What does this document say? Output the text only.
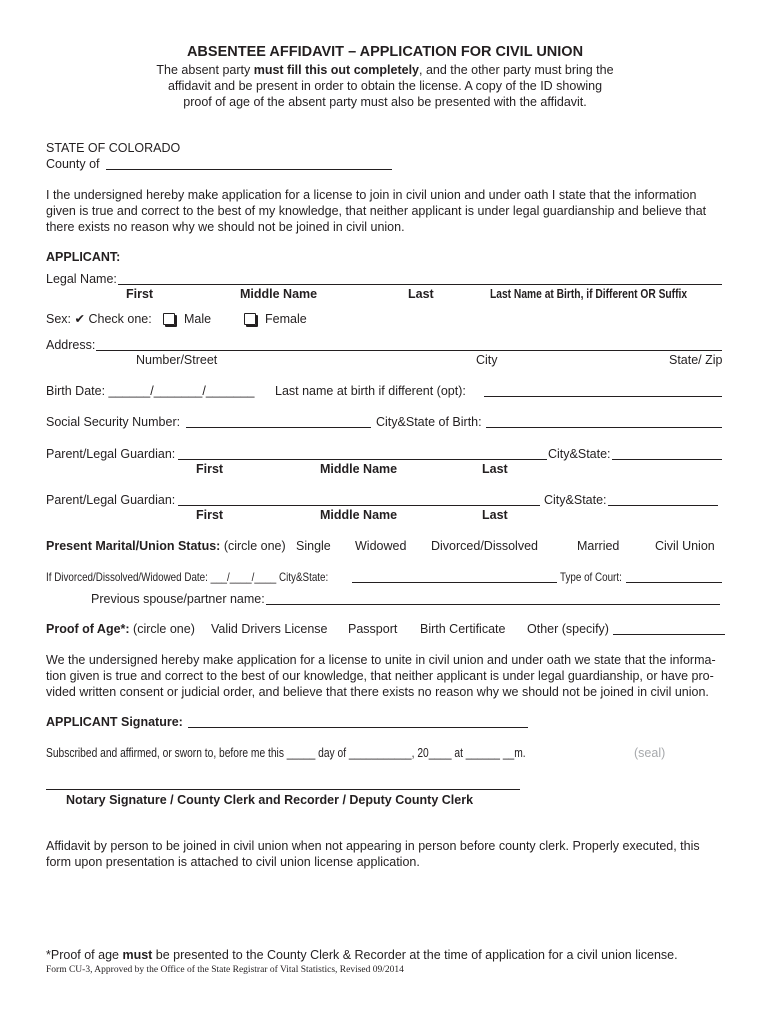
ABSENTEE AFFIDAVIT – APPLICATION FOR CIVIL UNION
The absent party must fill this out completely, and the other party must bring the
affidavit and be present in order to obtain the license. A copy of the ID showing
proof of age of the absent party must also be presented with the affidavit.
STATE OF COLORADO
County of
I the undersigned hereby make application for a license to join in civil union and under oath I state that the information
given is true and correct to the best of my knowledge, that neither applicant is under legal guardianship and believe that
there exists no reason why we should not be joined in civil union.
APPLICANT:
Legal Name:
First	Middle Name	Last	Last Name at Birth, if Different OR Suffix
Sex: ✔ Check one:	Male	Female
Address:
Number/Street	City	State/ Zip
Birth Date: ______/_______/_______ Last name at birth if different (opt):
Social Security Number:	City&State of Birth:
Parent/Legal Guardian:	City&State:
First	Middle Name	Last
Parent/Legal Guardian:	City&State:
First	Middle Name	Last
Present Marital/Union Status: (circle one) Single Widowed Divorced/Dissolved	Married	Civil Union
If Divorced/Dissolved/Widowed Date: ___/____/____ City&State:	Type of Court:
Previous spouse/partner name:
Proof of Age*: (circle one) Valid Drivers License Passport Birth Certificate Other (specify)
We the undersigned hereby make application for a license to unite in civil union and under oath we state that the informa-
tion given is true and correct to the best of our knowledge, that neither applicant is under legal guardianship, or have pro-
vided written consent or judicial order, and believe that there exists no reason why we should not be joined in civil union.
APPLICANT Signature:
Subscribed and affirmed, or sworn to, before me this _____ day of ___________, 20____ at ______ __m.	(seal)
Notary Signature / County Clerk and Recorder / Deputy County Clerk
Affidavit by person to be joined in civil union when not appearing in person before county clerk. Properly executed, this
form upon presentation is attached to civil union license application.
*Proof of age must be presented to the County Clerk & Recorder at the time of application for a civil union license.
Form CU-3, Approved by the Office of the State Registrar of Vital Statistics, Revised 09/2014
